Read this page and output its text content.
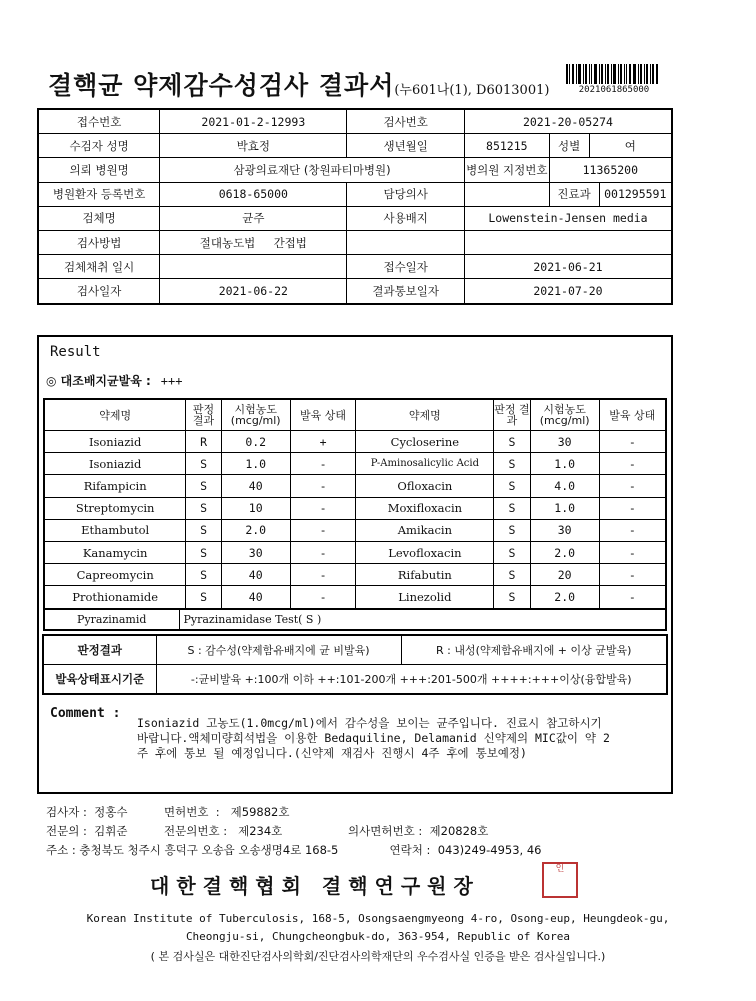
결핵균 약제감수성검사 결과서(누601나(1), D6013001)	2021061865000
접수번호	2021-01-2-12993	검사번호	2021-20-05274			
수검자 성명	박효정	생년월일	851215	성별	여	
의뢰 병원명	삼광의료재단 (창원파티마병원)		병의원 지정번호	11365200		
병원환자 등록번호	0618-65000	담당의사		진료과		001295591
검체명	균주	사용배지	Lowenstein-Jensen media			
검사방법	절대농도법 간접법					
검체채취 일시		접수일자	2021-06-21			
검사일자	2021-06-22	결과통보일자	2021-07-20			
Result
◎ 대조배지균발육 : +++
약제명	판정 결과	시험농도 (mcg/ml)	발육 상태	약제명	판정 결과	시험농도 (mcg/ml)	발육 상태
Isoniazid	R	0.2	+	Cycloserine	S	30	-
Isoniazid	S	1.0	-	P-Aminosalicylic Acid	S	1.0	-
Rifampicin	S	40	-	Ofloxacin	S	4.0	-
Streptomycin	S	10	-	Moxifloxacin	S	1.0	-
Ethambutol	S	2.0	-	Amikacin	S	30	-
Kanamycin	S	30	-	Levofloxacin	S	2.0	-
Capreomycin	S	40	-	Rifabutin	S	20	-
Prothionamide	S	40	-	Linezolid	S	2.0	-
Pyrazinamid	Pyrazinamidase Test( S )
판정결과	S : 감수성(약제함유배지에 균 비발육)	R : 내성(약제함유배지에 + 이상 균발육)
발육상태표시기준	-:균비발육 +:100개 이하 ++:101-200개 +++:201-500개 ++++:+++이상(융합발육)	
Comment :
Isoniazid 고농도(1.0mcg/ml)에서 감수성을 보이는 균주입니다. 진료시 참고하시기
바랍니다.액체미량희석법을 이용한 Bedaquiline, Delamanid 신약제의 MIC값이 약 2
주 후에 통보 될 예정입니다.(신약제 재검사 진행시 4주 후에 통보예정)
검사자 :  정홍수          면허번호  :   제59882호
전문의 :  김휘준          전문의번호 :   제234호                  의사면허번호 :  제20828호
주소 : 충청북도 청주시 흥덕구 오송읍 오송생명4로 168-5              연락처 :  043)249-4953, 46
대한결핵협회 결핵연구원장
인
Korean Institute of Tuberculosis, 168-5, Osongsaengmyeong 4-ro, Osong-eup, Heungdeok-gu,
Cheongju-si, Chungcheongbuk-do, 363-954, Republic of Korea
( 본 검사실은 대한진단검사의학회/진단검사의학재단의 우수검사실 인증을 받은 검사실입니다.)
